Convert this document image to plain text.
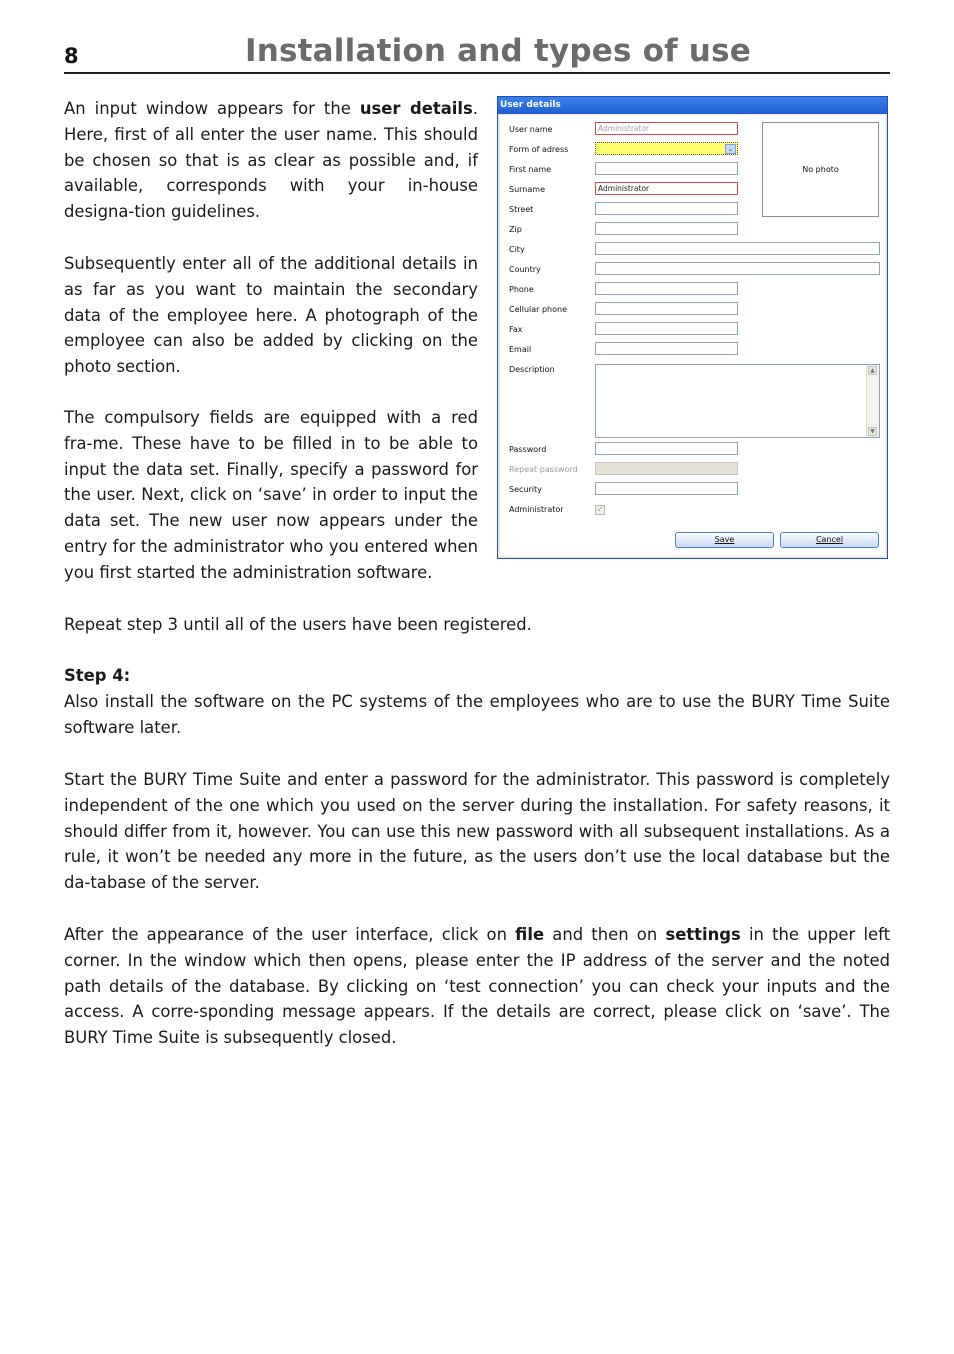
8	Installation and types of use
An input window appears for the user details. Here, first of all enter the user name. This should be chosen so that is as clear as possible and, if available, corresponds with your in-house designa-tion guidelines.
Subsequently enter all of the additional details in as far as you want to maintain the secondary data of the employee here. A photograph of the employee can also be added by clicking on the photo section.
The compulsory fields are equipped with a red fra-me. These have to be filled in to be able to input the data set. Finally, specify a password for the user. Next, click on ‘save’ in order to input the data set. The new user now appears under the entry for the administrator who you entered when you first started the administration software.
User details
User name	Administrator
Form of adress	⌄
First name
Surname	Administrator
Street
Zip
City
Country
Phone
Cellular phone
Fax
Email
Description	▲
▼
Password
Repeat password
Security
Administrator	✓
No photo
Save	Cancel
Repeat step 3 until all of the users have been registered.
Step 4:
Also install the software on the PC systems of the employees who are to use the BURY Time Suite software later.
Start the BURY Time Suite and enter a password for the administrator. This password is completely independent of the one which you used on the server during the installation. For safety reasons, it should differ from it, however. You can use this new password with all subsequent installations. As a rule, it won’t be needed any more in the future, as the users don’t use the local database but the da-tabase of the server.
After the appearance of the user interface, click on file and then on settings in the upper left corner. In the window which then opens, please enter the IP address of the server and the noted path details of the database. By clicking on ‘test connection’ you can check your inputs and the access. A corre-sponding message appears. If the details are correct, please click on ‘save’. The BURY Time Suite is subsequently closed.
